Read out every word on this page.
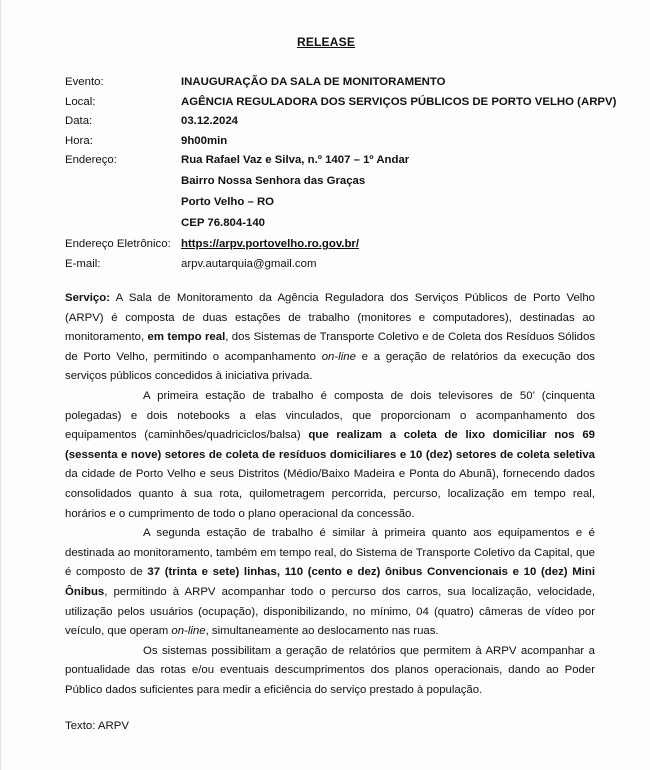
RELEASE
Evento:	INAUGURAÇÃO DA SALA DE MONITORAMENTO
Local:	AGÊNCIA REGULADORA DOS SERVIÇOS PÚBLICOS DE PORTO VELHO (ARPV)
Data:	03.12.2024
Hora:	9h00min
Endereço:	Rua Rafael Vaz e Silva, n.º 1407 – 1º Andar
Bairro Nossa Senhora das Graças
Porto Velho – RO
CEP 76.804-140
Endereço Eletrônico: https://arpv.portovelho.ro.gov.br/
E-mail:	arpv.autarquia@gmail.com

Serviço: A Sala de Monitoramento da Agência Reguladora dos Serviços Públicos de Porto Velho (ARPV) é composta de duas estações de trabalho (monitores e computadores), destinadas ao monitoramento, em tempo real, dos Sistemas de Transporte Coletivo e de Coleta dos Resíduos Sólidos de Porto Velho, permitindo o acompanhamento on-line e a geração de relatórios da execução dos serviços públicos concedidos à iniciativa privada.

A primeira estação de trabalho é composta de dois televisores de 50’ (cinquenta polegadas) e dois notebooks a elas vinculados, que proporcionam o acompanhamento dos equipamentos (caminhões/quadriciclos/balsa) que realizam a coleta de lixo domiciliar nos 69 (sessenta e nove) setores de coleta de resíduos domiciliares e 10 (dez) setores de coleta seletiva da cidade de Porto Velho e seus Distritos (Médio/Baixo Madeira e Ponta do Abunã), fornecendo dados consolidados quanto à sua rota, quilometragem percorrida, percurso, localização em tempo real, horários e o cumprimento de todo o plano operacional da concessão.

A segunda estação de trabalho é similar à primeira quanto aos equipamentos e é destinada ao monitoramento, também em tempo real, do Sistema de Transporte Coletivo da Capital, que é composto de 37 (trinta e sete) linhas, 110 (cento e dez) ônibus Convencionais e 10 (dez) Mini Ônibus, permitindo à ARPV acompanhar todo o percurso dos carros, sua localização, velocidade, utilização pelos usuários (ocupação), disponibilizando, no mínimo, 04 (quatro) câmeras de vídeo por veículo, que operam on-line, simultaneamente ao deslocamento nas ruas.

Os sistemas possibilitam a geração de relatórios que permitem à ARPV acompanhar a pontualidade das rotas e/ou eventuais descumprimentos dos planos operacionais, dando ao Poder Público dados suficientes para medir a eficiência do serviço prestado à população.

Texto: ARPV
